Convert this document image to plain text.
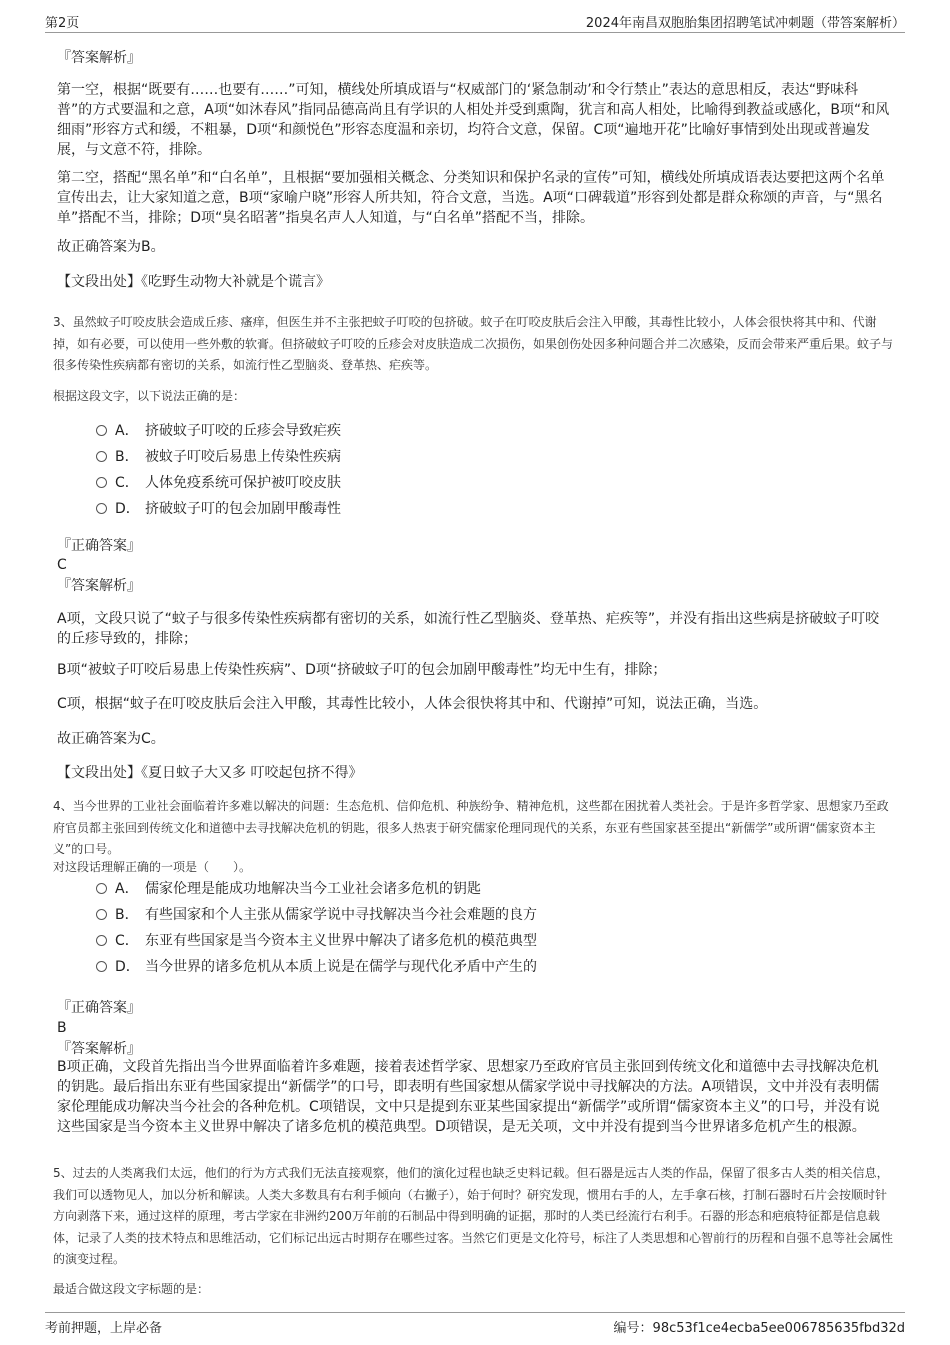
第2页	2024年南昌双胞胎集团招聘笔试冲刺题（带答案解析）
『答案解析』
第一空，根据“既要有……也要有……”可知，横线处所填成语与“权威部门的‘紧急制动’和令行禁止”表达的意思相反，表达“野味科普”的方式要温和之意，A项“如沐春风”指同品德高尚且有学识的人相处并受到熏陶，犹言和高人相处，比喻得到教益或感化，B项“和风细雨”形容方式和缓，不粗暴，D项“和颜悦色”形容态度温和亲切，均符合文意，保留。C项“遍地开花”比喻好事情到处出现或普遍发展，与文意不符，排除。
第二空，搭配“黑名单”和“白名单”，且根据“要加强相关概念、分类知识和保护名录的宣传”可知，横线处所填成语表达要把这两个名单宣传出去，让大家知道之意，B项“家喻户晓”形容人所共知，符合文意，当选。A项“口碑载道”形容到处都是群众称颂的声音，与“黑名单”搭配不当，排除；D项“臭名昭著”指臭名声人人知道，与“白名单”搭配不当，排除。
故正确答案为B。
【文段出处】《吃野生动物大补就是个谎言》
3、虽然蚊子叮咬皮肤会造成丘疹、瘙痒，但医生并不主张把蚊子叮咬的包挤破。蚊子在叮咬皮肤后会注入甲酸，其毒性比较小，人体会很快将其中和、代谢掉，如有必要，可以使用一些外敷的软膏。但挤破蚊子叮咬的丘疹会对皮肤造成二次损伤，如果创伤处因多种问题合并二次感染，反而会带来严重后果。蚊子与很多传染性疾病都有密切的关系，如流行性乙型脑炎、登革热、疟疾等。
根据这段文字，以下说法正确的是：
A． 挤破蚊子叮咬的丘疹会导致疟疾
B． 被蚊子叮咬后易患上传染性疾病
C． 人体免疫系统可保护被叮咬皮肤
D． 挤破蚊子叮的包会加剧甲酸毒性
『正确答案』
C
『答案解析』
A项，文段只说了“蚊子与很多传染性疾病都有密切的关系，如流行性乙型脑炎、登革热、疟疾等”，并没有指出这些病是挤破蚊子叮咬的丘疹导致的，排除；
B项“被蚊子叮咬后易患上传染性疾病”、D项“挤破蚊子叮的包会加剧甲酸毒性”均无中生有，排除；
C项，根据“蚊子在叮咬皮肤后会注入甲酸，其毒性比较小，人体会很快将其中和、代谢掉”可知，说法正确，当选。
故正确答案为C。
【文段出处】《夏日蚊子大又多 叮咬起包挤不得》
4、当今世界的工业社会面临着许多难以解决的问题：生态危机、信仰危机、种族纷争、精神危机，这些都在困扰着人类社会。于是许多哲学家、思想家乃至政府官员都主张回到传统文化和道德中去寻找解决危机的钥匙，很多人热衷于研究儒家伦理同现代的关系，东亚有些国家甚至提出“新儒学”或所谓“儒家资本主义”的口号。
对这段话理解正确的一项是（　　）。
A． 儒家伦理是能成功地解决当今工业社会诸多危机的钥匙
B． 有些国家和个人主张从儒家学说中寻找解决当今社会难题的良方
C． 东亚有些国家是当今资本主义世界中解决了诸多危机的模范典型
D． 当今世界的诸多危机从本质上说是在儒学与现代化矛盾中产生的
『正确答案』
B
『答案解析』
B项正确，文段首先指出当今世界面临着许多难题，接着表述哲学家、思想家乃至政府官员主张回到传统文化和道德中去寻找解决危机的钥匙。最后指出东亚有些国家提出“新儒学”的口号，即表明有些国家想从儒家学说中寻找解决的方法。A项错误，文中并没有表明儒家伦理能成功解决当今社会的各种危机。C项错误，文中只是提到东亚某些国家提出“新儒学”或所谓“儒家资本主义”的口号，并没有说这些国家是当今资本主义世界中解决了诸多危机的模范典型。D项错误，是无关项，文中并没有提到当今世界诸多危机产生的根源。
5、过去的人类离我们太远，他们的行为方式我们无法直接观察，他们的演化过程也缺乏史料记载。但石器是远古人类的作品，保留了很多古人类的相关信息，我们可以透物见人，加以分析和解读。人类大多数具有右利手倾向（右撇子），始于何时？研究发现，惯用右手的人，左手拿石核，打制石器时石片会按顺时针方向剥落下来，通过这样的原理，考古学家在非洲约200万年前的石制品中得到明确的证据，那时的人类已经流行右利手。石器的形态和疤痕特征都是信息载体，记录了人类的技术特点和思维活动，它们标记出远古时期存在哪些过客。当然它们更是文化符号，标注了人类思想和心智前行的历程和自强不息等社会属性的演变过程。
最适合做这段文字标题的是：
考前押题，上岸必备	编号：98c53f1ce4ecba5ee006785635fbd32d
